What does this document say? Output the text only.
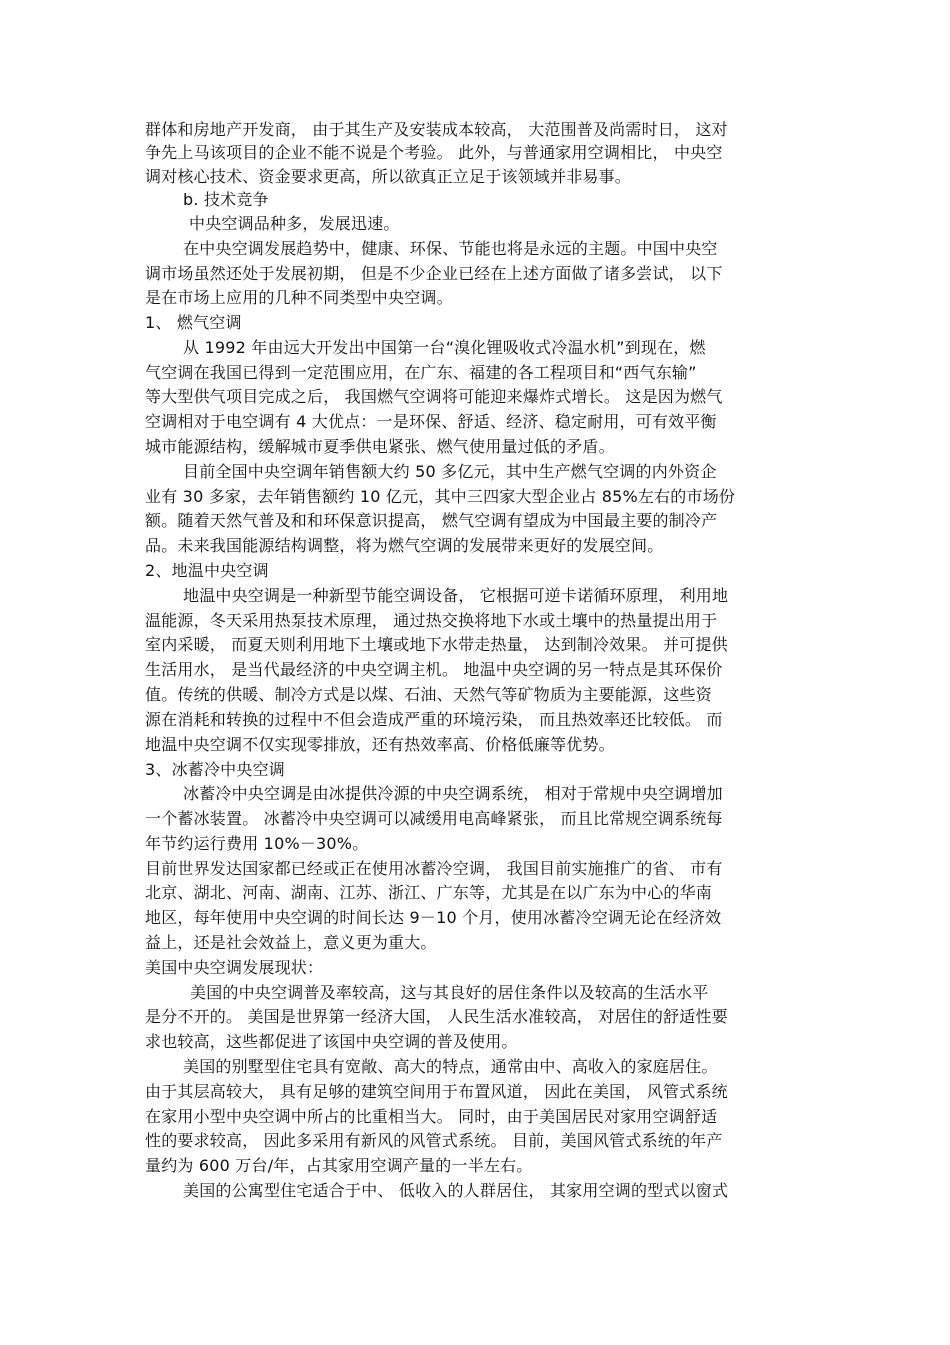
群体和房地产开发商， 由于其生产及安装成本较高， 大范围普及尚需时日， 这对
争先上马该项目的企业不能不说是个考验。 此外，与普通家用空调相比， 中央空
调对核心技术、资金要求更高，所以欲真正立足于该领域并非易事。
b. 技术竞争
中央空调品种多，发展迅速。
在中央空调发展趋势中，健康、环保、节能也将是永远的主题。中国中央空
调市场虽然还处于发展初期， 但是不少企业已经在上述方面做了诸多尝试， 以下
是在市场上应用的几种不同类型中央空调。
1、 燃气空调
从 1992 年由远大开发出中国第一台“溴化锂吸收式冷温水机”到现在，燃
气空调在我国已得到一定范围应用，在广东、福建的各工程项目和“西气东输”
等大型供气项目完成之后， 我国燃气空调将可能迎来爆炸式增长。 这是因为燃气
空调相对于电空调有 4 大优点：一是环保、舒适、经济、稳定耐用，可有效平衡
城市能源结构，缓解城市夏季供电紧张、燃气使用量过低的矛盾。
目前全国中央空调年销售额大约 50 多亿元，其中生产燃气空调的内外资企
业有 30 多家，去年销售额约 10 亿元，其中三四家大型企业占 85%左右的市场份
额。随着天然气普及和和环保意识提高， 燃气空调有望成为中国最主要的制冷产
品。未来我国能源结构调整，将为燃气空调的发展带来更好的发展空间。
2、地温中央空调
地温中央空调是一种新型节能空调设备， 它根据可逆卡诺循环原理， 利用地
温能源，冬天采用热泵技术原理， 通过热交换将地下水或土壤中的热量提出用于
室内采暖， 而夏天则利用地下土壤或地下水带走热量， 达到制冷效果。 并可提供
生活用水， 是当代最经济的中央空调主机。 地温中央空调的另一特点是其环保价
值。传统的供暖、制冷方式是以煤、石油、天然气等矿物质为主要能源，这些资
源在消耗和转换的过程中不但会造成严重的环境污染， 而且热效率还比较低。 而
地温中央空调不仅实现零排放，还有热效率高、价格低廉等优势。
3、冰蓄冷中央空调
冰蓄冷中央空调是由冰提供冷源的中央空调系统， 相对于常规中央空调增加
一个蓄冰装置。 冰蓄冷中央空调可以减缓用电高峰紧张， 而且比常规空调系统每
年节约运行费用 10%－30%。
目前世界发达国家都已经或正在使用冰蓄冷空调， 我国目前实施推广的省、 市有
北京、湖北、河南、湖南、江苏、浙江、广东等，尤其是在以广东为中心的华南
地区，每年使用中央空调的时间长达 9－10 个月，使用冰蓄冷空调无论在经济效
益上，还是社会效益上，意义更为重大。
美国中央空调发展现状：
美国的中央空调普及率较高，这与其良好的居住条件以及较高的生活水平
是分不开的。 美国是世界第一经济大国， 人民生活水准较高， 对居住的舒适性要
求也较高，这些都促进了该国中央空调的普及使用。
美国的别墅型住宅具有宽敞、高大的特点，通常由中、高收入的家庭居住。
由于其层高较大， 具有足够的建筑空间用于布置风道， 因此在美国， 风管式系统
在家用小型中央空调中所占的比重相当大。 同时，由于美国居民对家用空调舒适
性的要求较高， 因此多采用有新风的风管式系统。 目前，美国风管式系统的年产
量约为 600 万台/年，占其家用空调产量的一半左右。
美国的公寓型住宅适合于中、 低收入的人群居住， 其家用空调的型式以窗式
